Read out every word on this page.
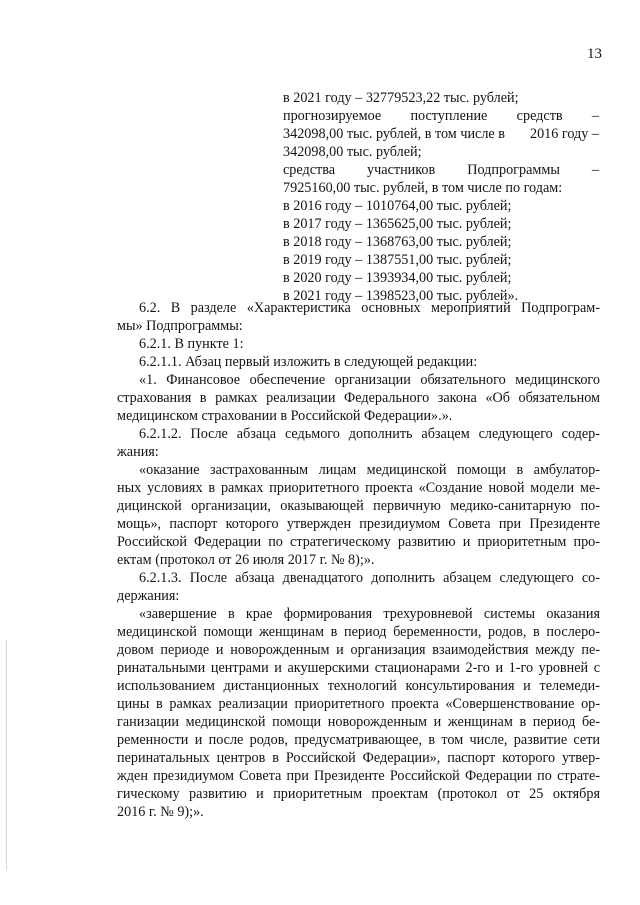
13
в 2021 году – 32779523,22 тыс. рублей;
прогнозируемое поступление средств –
342098,00 тыс. рублей, в том числе в 2016 году –
342098,00 тыс. рублей;
средства участников Подпрограммы –
7925160,00 тыс. рублей, в том числе по годам:
в 2016 году – 1010764,00 тыс. рублей;
в 2017 году – 1365625,00 тыс. рублей;
в 2018 году – 1368763,00 тыс. рублей;
в 2019 году – 1387551,00 тыс. рублей;
в 2020 году – 1393934,00 тыс. рублей;
в 2021 году – 1398523,00 тыс. рублей».
6.2. В разделе «Характеристика основных мероприятий Подпрограм-
мы» Подпрограммы:
6.2.1. В пункте 1:
6.2.1.1. Абзац первый изложить в следующей редакции:
«1. Финансовое обеспечение организации обязательного медицинского
страхования в рамках реализации Федерального закона «Об обязательном
медицинском страховании в Российской Федерации».».
6.2.1.2. После абзаца седьмого дополнить абзацем следующего содер-
жания:
«оказание застрахованным лицам медицинской помощи в амбулатор-
ных условиях в рамках приоритетного проекта «Создание новой модели ме-
дицинской организации, оказывающей первичную медико-санитарную по-
мощь», паспорт которого утвержден президиумом Совета при Президенте
Российской Федерации по стратегическому развитию и приоритетным про-
ектам (протокол от 26 июля 2017 г. № 8);».
6.2.1.3. После абзаца двенадцатого дополнить абзацем следующего со-
держания:
«завершение в крае формирования трехуровневой системы оказания
медицинской помощи женщинам в период беременности, родов, в послеро-
довом периоде и новорожденным и организация взаимодействия между пе-
ринатальными центрами и акушерскими стационарами 2-го и 1-го уровней с
использованием дистанционных технологий консультирования и телемеди-
цины в рамках реализации приоритетного проекта «Совершенствование ор-
ганизации медицинской помощи новорожденным и женщинам в период бе-
ременности и после родов, предусматривающее, в том числе, развитие сети
перинатальных центров в Российской Федерации», паспорт которого утвер-
жден президиумом Совета при Президенте Российской Федерации по страте-
гическому развитию и приоритетным проектам (протокол от 25 октября
2016 г. № 9);».
